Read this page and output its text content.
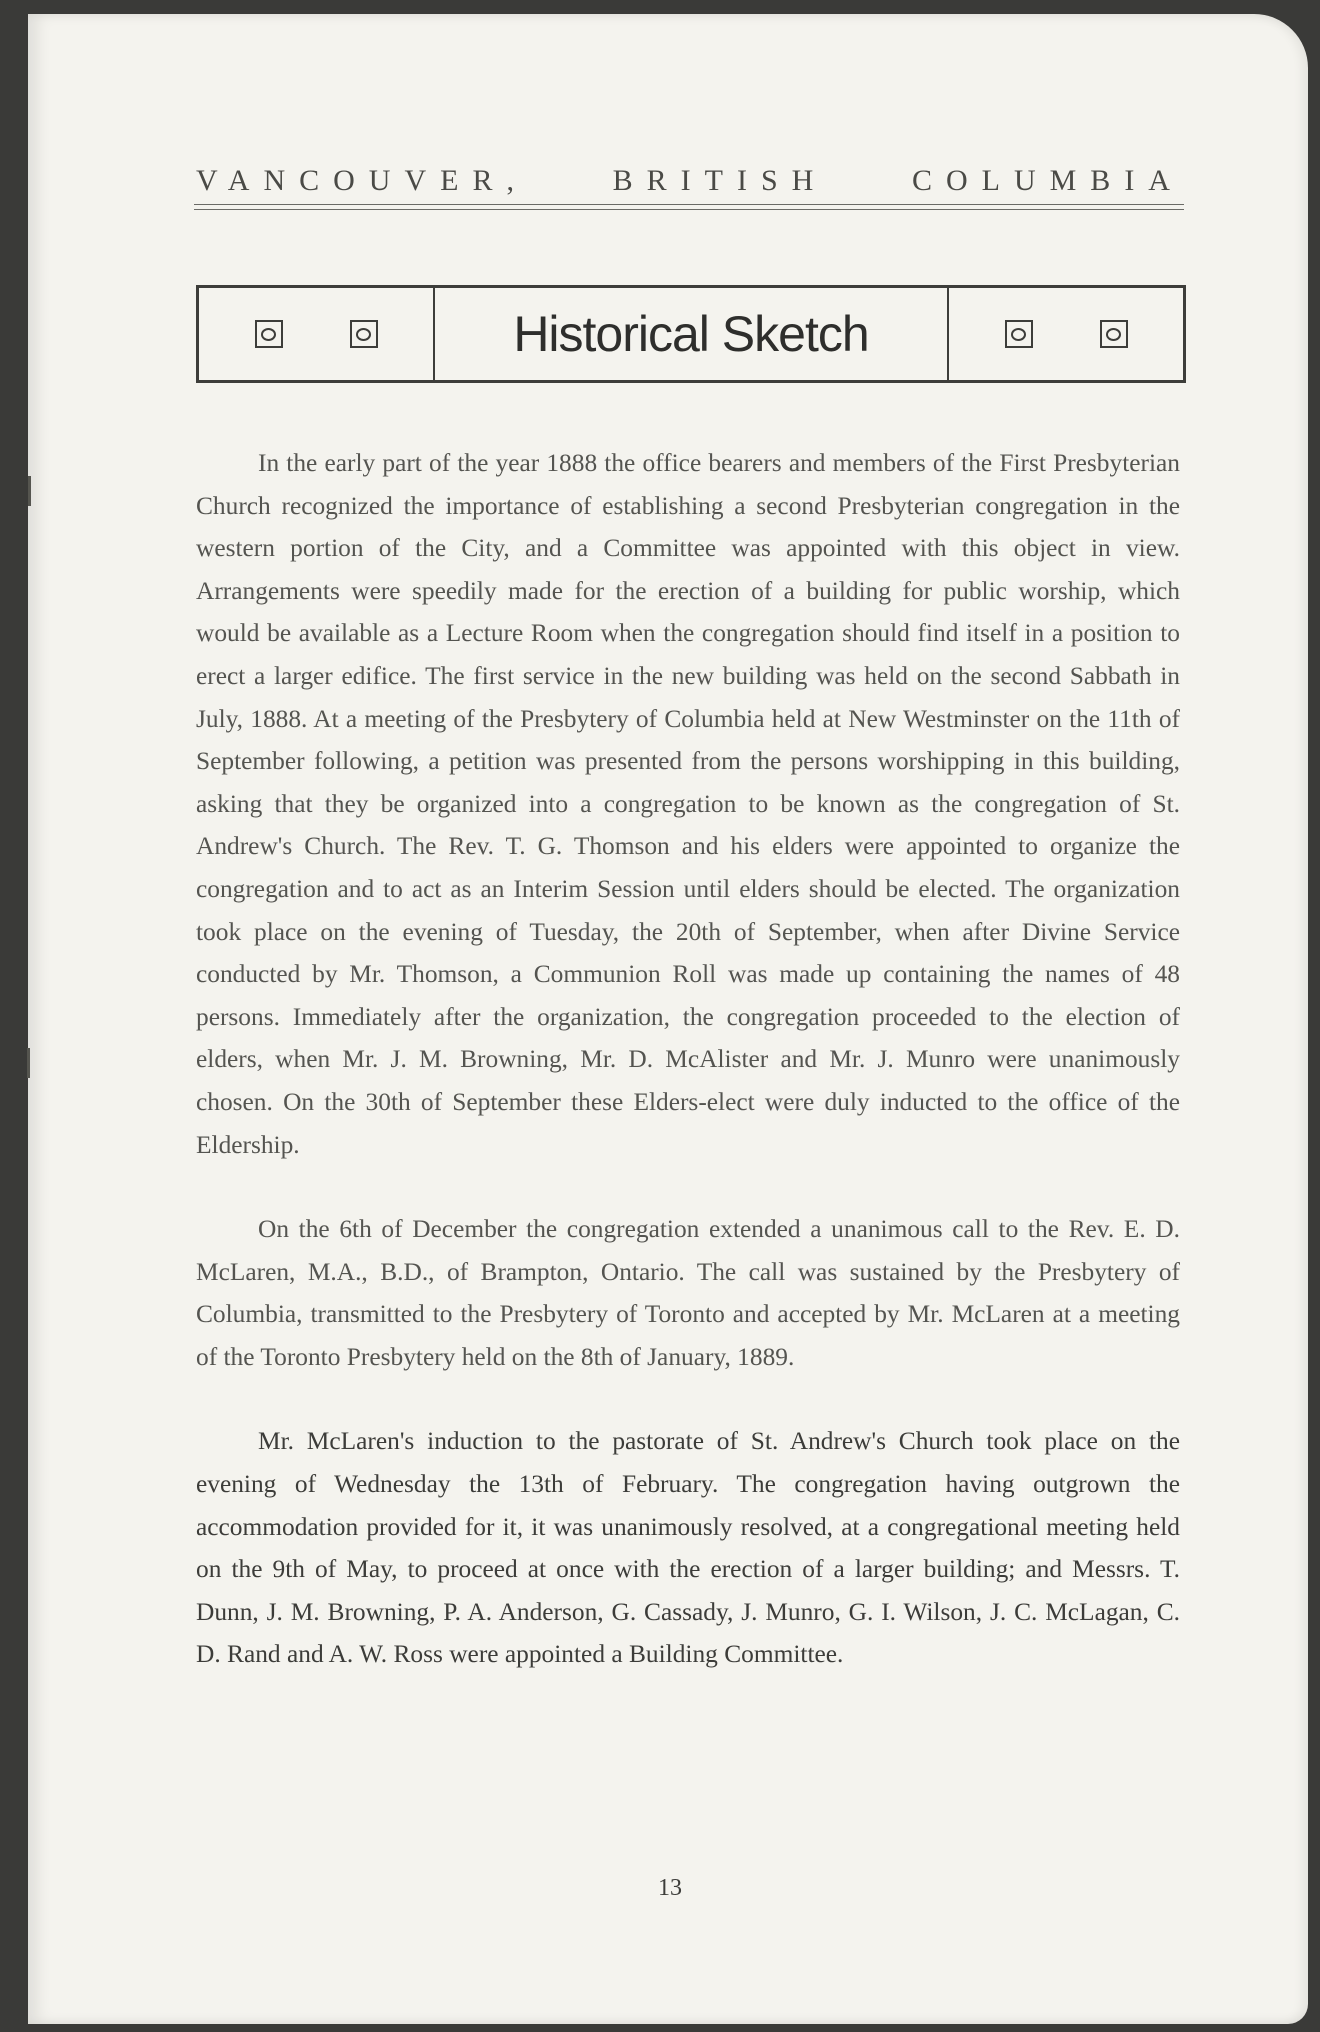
VANCOUVER,	BRITISH	COLUMBIA
Historical Sketch

In the early part of the year 1888 the office bearers and members of the First Presbyterian Church recognized the importance of establishing a second Presbyterian congregation in the western portion of the City, and a Committee was appointed with this object in view. Arrangements were speedily made for the erection of a building for public worship, which would be available as a Lecture Room when the congregation should find itself in a position to erect a larger edifice. The first service in the new building was held on the second Sabbath in July, 1888. At a meeting of the Presbytery of Columbia held at New Westminster on the 11th of September following, a petition was presented from the persons worshipping in this building, asking that they be organized into a congregation to be known as the congregation of St. Andrew's Church. The Rev. T. G. Thomson and his elders were appointed to organize the congregation and to act as an Interim Session until elders should be elected. The organization took place on the evening of Tuesday, the 20th of September, when after Divine Service conducted by Mr. Thomson, a Communion Roll was made up containing the names of 48 persons. Immediately after the organization, the congregation proceeded to the election of elders, when Mr. J. M. Browning, Mr. D. McAlister and Mr. J. Munro were unanimously chosen. On the 30th of September these Elders-elect were duly inducted to the office of the Eldership.

On the 6th of December the congregation extended a unanimous call to the Rev. E. D. McLaren, M.A., B.D., of Brampton, Ontario. The call was sustained by the Presbytery of Columbia, transmitted to the Presbytery of Toronto and accepted by Mr. McLaren at a meeting of the Toronto Presbytery held on the 8th of January, 1889.

Mr. McLaren's induction to the pastorate of St. Andrew's Church took place on the evening of Wednesday the 13th of February. The congregation having outgrown the accommodation provided for it, it was unanimously resolved, at a congregational meeting held on the 9th of May, to proceed at once with the erection of a larger building; and Messrs. T. Dunn, J. M. Browning, P. A. Anderson, G. Cassady, J. Munro, G. I. Wilson, J. C. McLagan, C. D. Rand and A. W. Ross were appointed a Building Committee.

13
